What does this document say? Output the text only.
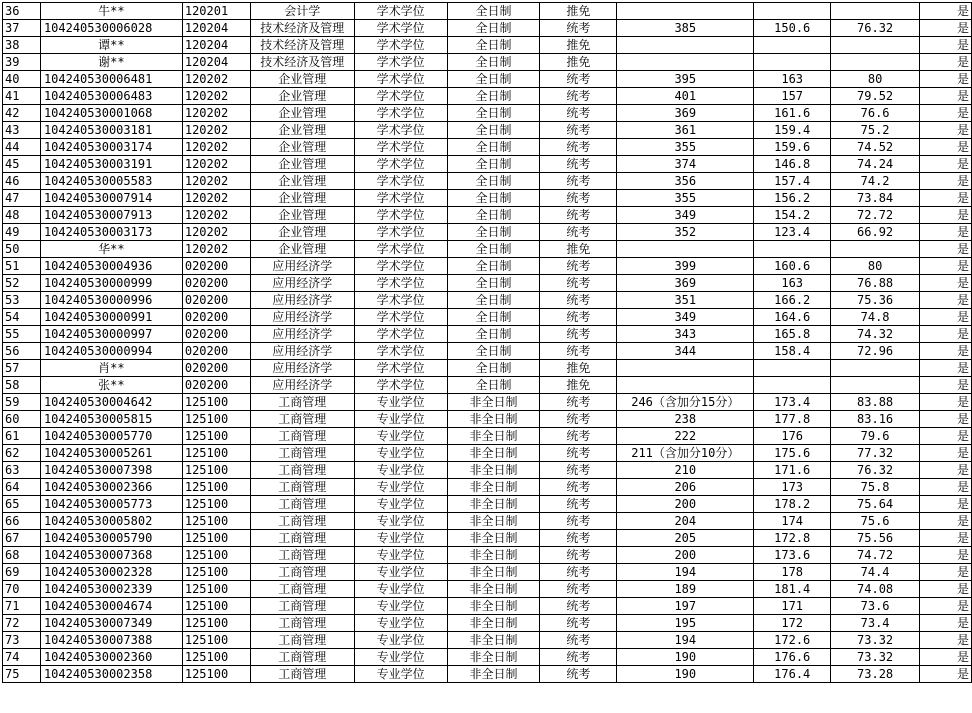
36	牛**	120201	会计学	学术学位	全日制	推免				是
37	104240530006028	120204	技术经济及管理	学术学位	全日制	统考	385	150.6	76.32	是
38	谭**	120204	技术经济及管理	学术学位	全日制	推免				是
39	谢**	120204	技术经济及管理	学术学位	全日制	推免				是
40	104240530006481	120202	企业管理	学术学位	全日制	统考	395	163	80	是
41	104240530006483	120202	企业管理	学术学位	全日制	统考	401	157	79.52	是
42	104240530001068	120202	企业管理	学术学位	全日制	统考	369	161.6	76.6	是
43	104240530003181	120202	企业管理	学术学位	全日制	统考	361	159.4	75.2	是
44	104240530003174	120202	企业管理	学术学位	全日制	统考	355	159.6	74.52	是
45	104240530003191	120202	企业管理	学术学位	全日制	统考	374	146.8	74.24	是
46	104240530005583	120202	企业管理	学术学位	全日制	统考	356	157.4	74.2	是
47	104240530007914	120202	企业管理	学术学位	全日制	统考	355	156.2	73.84	是
48	104240530007913	120202	企业管理	学术学位	全日制	统考	349	154.2	72.72	是
49	104240530003173	120202	企业管理	学术学位	全日制	统考	352	123.4	66.92	是
50	华**	120202	企业管理	学术学位	全日制	推免				是
51	104240530004936	020200	应用经济学	学术学位	全日制	统考	399	160.6	80	是
52	104240530000999	020200	应用经济学	学术学位	全日制	统考	369	163	76.88	是
53	104240530000996	020200	应用经济学	学术学位	全日制	统考	351	166.2	75.36	是
54	104240530000991	020200	应用经济学	学术学位	全日制	统考	349	164.6	74.8	是
55	104240530000997	020200	应用经济学	学术学位	全日制	统考	343	165.8	74.32	是
56	104240530000994	020200	应用经济学	学术学位	全日制	统考	344	158.4	72.96	是
57	肖**	020200	应用经济学	学术学位	全日制	推免				是
58	张**	020200	应用经济学	学术学位	全日制	推免				是
59	104240530004642	125100	工商管理	专业学位	非全日制	统考	246（含加分15分）	173.4	83.88	是
60	104240530005815	125100	工商管理	专业学位	非全日制	统考	238	177.8	83.16	是
61	104240530005770	125100	工商管理	专业学位	非全日制	统考	222	176	79.6	是
62	104240530005261	125100	工商管理	专业学位	非全日制	统考	211（含加分10分）	175.6	77.32	是
63	104240530007398	125100	工商管理	专业学位	非全日制	统考	210	171.6	76.32	是
64	104240530002366	125100	工商管理	专业学位	非全日制	统考	206	173	75.8	是
65	104240530005773	125100	工商管理	专业学位	非全日制	统考	200	178.2	75.64	是
66	104240530005802	125100	工商管理	专业学位	非全日制	统考	204	174	75.6	是
67	104240530005790	125100	工商管理	专业学位	非全日制	统考	205	172.8	75.56	是
68	104240530007368	125100	工商管理	专业学位	非全日制	统考	200	173.6	74.72	是
69	104240530002328	125100	工商管理	专业学位	非全日制	统考	194	178	74.4	是
70	104240530002339	125100	工商管理	专业学位	非全日制	统考	189	181.4	74.08	是
71	104240530004674	125100	工商管理	专业学位	非全日制	统考	197	171	73.6	是
72	104240530007349	125100	工商管理	专业学位	非全日制	统考	195	172	73.4	是
73	104240530007388	125100	工商管理	专业学位	非全日制	统考	194	172.6	73.32	是
74	104240530002360	125100	工商管理	专业学位	非全日制	统考	190	176.6	73.32	是
75	104240530002358	125100	工商管理	专业学位	非全日制	统考	190	176.4	73.28	是
